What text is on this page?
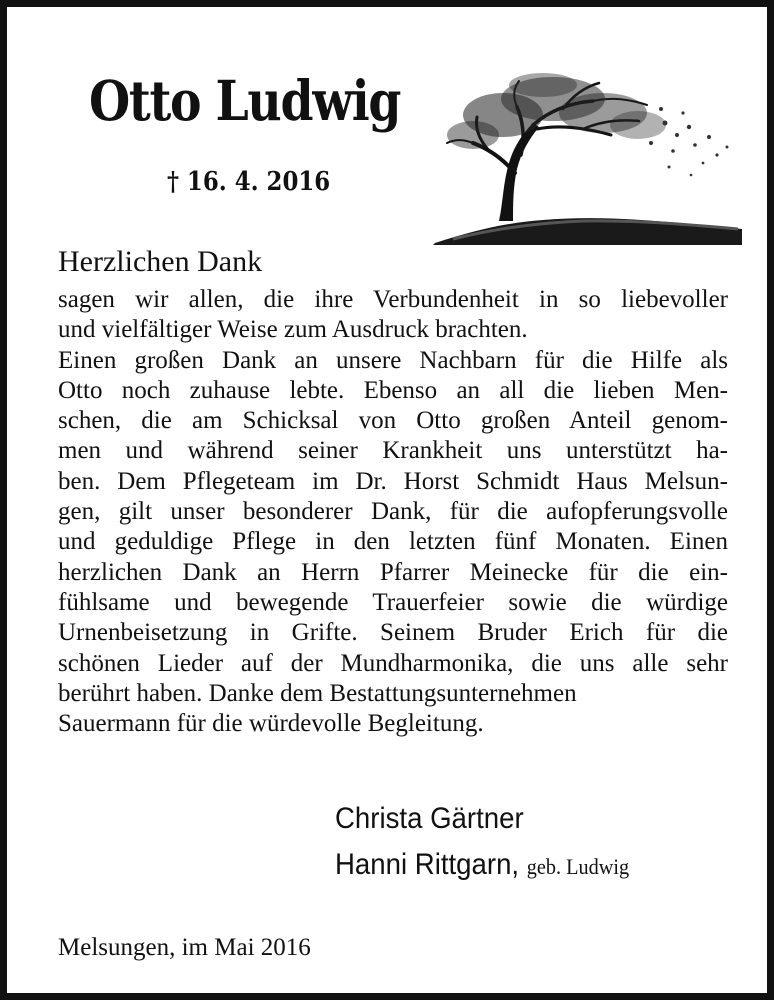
Otto Ludwig
† 16. 4. 2016
Herzlichen Dank
sagen wir allen, die ihre Verbundenheit in so liebevoller
und vielfältiger Weise zum Ausdruck brachten.
Einen großen Dank an unsere Nachbarn für die Hilfe als
Otto noch zuhause lebte. Ebenso an all die lieben Men-
schen, die am Schicksal von Otto großen Anteil genom-
men und während seiner Krankheit uns unterstützt ha-
ben. Dem Pflegeteam im Dr. Horst Schmidt Haus Melsun-
gen, gilt unser besonderer Dank, für die aufopferungsvolle
und geduldige Pflege in den letzten fünf Monaten. Einen
herzlichen Dank an Herrn Pfarrer Meinecke für die ein-
fühlsame und bewegende Trauerfeier sowie die würdige
Urnenbeisetzung in Grifte. Seinem Bruder Erich für die
schönen Lieder auf der Mundharmonika, die uns alle sehr
berührt haben. Danke dem Bestattungsunternehmen
Sauermann für die würdevolle Begleitung.
Christa Gärtner
Hanni Rittgarn, geb. Ludwig
Melsungen, im Mai 2016
